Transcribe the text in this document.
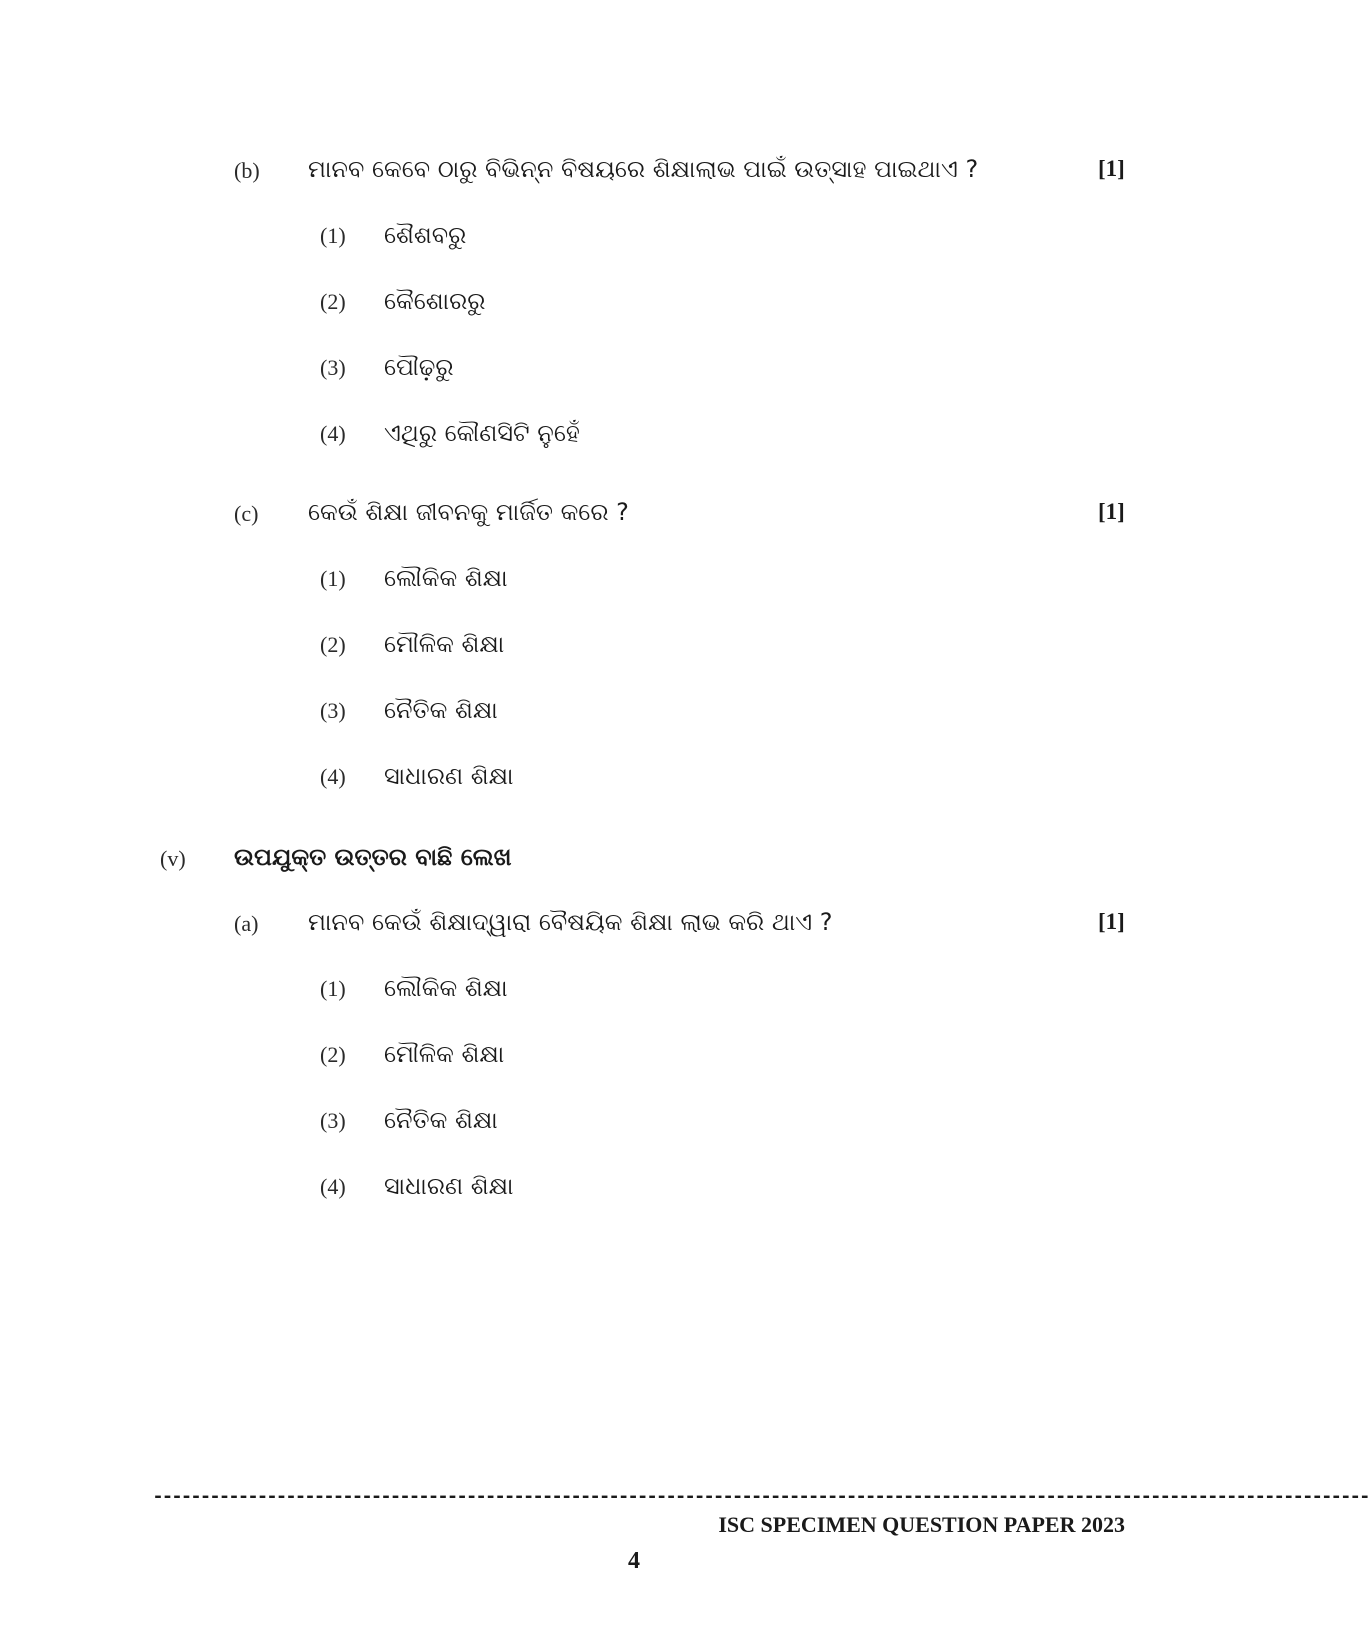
(b) ମାନବ କେବେ ଠାରୁ ବିଭିନ୍ନ ବିଷୟରେ ଶିକ୍ଷାଲାଭ ପାଇଁ ଉତ୍ସାହ ପାଇଥାଏ ?	[1]
(1) ଶୈଶବରୁ
(2) କୈଶୋରରୁ
(3) ପୌଢ଼ରୁ
(4) ଏଥିରୁ କୌଣସିଟି ନୁହେଁ
(c) କେଉଁ ଶିକ୍ଷା ଜୀବନକୁ ମାର୍ଜିତ କରେ ?	[1]
(1) ଲୌକିକ ଶିକ୍ଷା
(2) ମୌଳିକ ଶିକ୍ଷା
(3) ନୈତିକ ଶିକ୍ଷା
(4) ସାଧାରଣ ଶିକ୍ଷା
(v) ଉପଯୁକ୍ତ ଉତ୍ତର ବାଛି ଲେଖ
(a) ମାନବ କେଉଁ ଶିକ୍ଷାଦ୍ୱାରା ବୈଷୟିକ ଶିକ୍ଷା ଲାଭ କରି ଥାଏ ?	[1]
(1) ଲୌକିକ ଶିକ୍ଷା
(2) ମୌଳିକ ଶିକ୍ଷା
(3) ନୈତିକ ଶିକ୍ଷା
(4) ସାଧାରଣ ଶିକ୍ଷା
--------------------------------------------------------------------------------------------------------------------------------
ISC SPECIMEN QUESTION PAPER 2023
4
